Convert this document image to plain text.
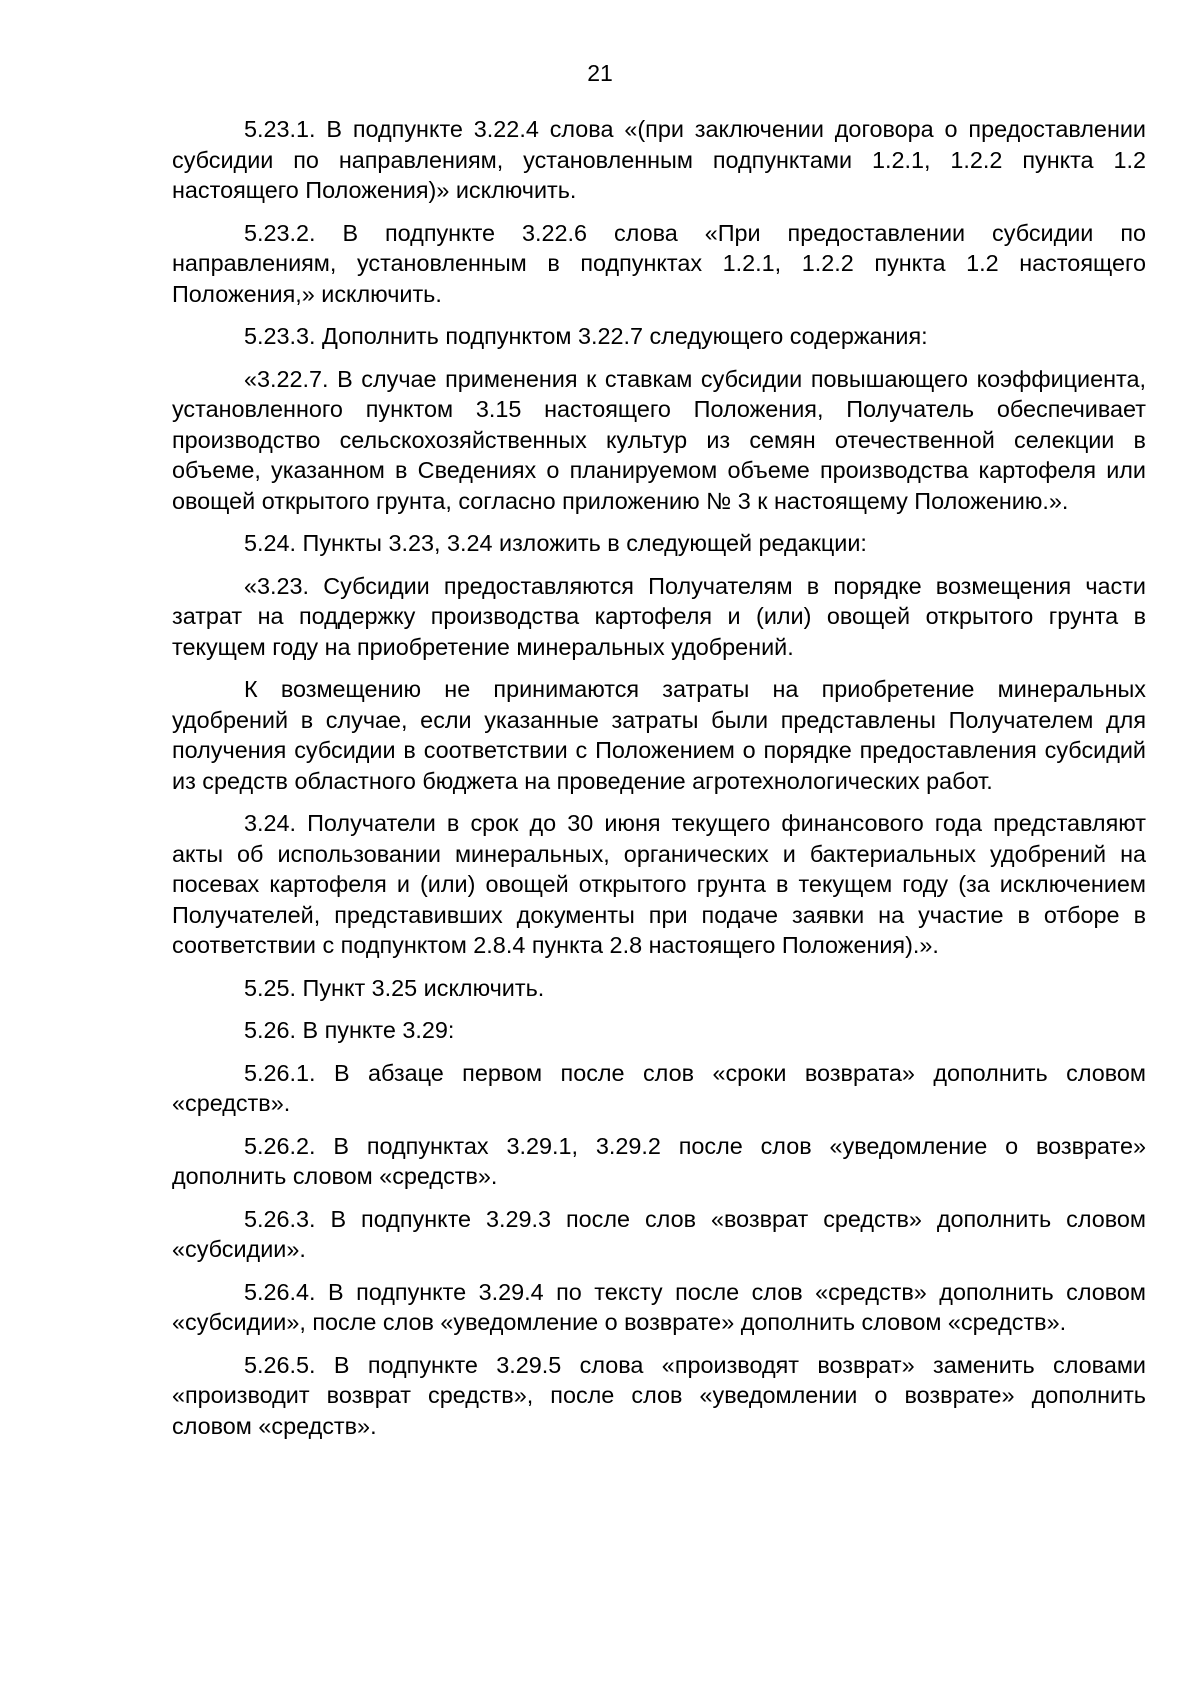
21

5.23.1. В подпункте 3.22.4 слова «(при заключении договора о предоставлении субсидии по направлениям, установленным подпунктами 1.2.1, 1.2.2 пункта 1.2 настоящего Положения)» исключить.

5.23.2. В подпункте 3.22.6 слова «При предоставлении субсидии по направлениям, установленным в подпунктах 1.2.1, 1.2.2 пункта 1.2 настоящего Положения,» исключить.

5.23.3. Дополнить подпунктом 3.22.7 следующего содержания:

«3.22.7. В случае применения к ставкам субсидии повышающего коэффициента, установленного пунктом 3.15 настоящего Положения, Получатель обеспечивает производство сельскохозяйственных культур из семян отечественной селекции в объеме, указанном в Сведениях о планируемом объеме производства картофеля или овощей открытого грунта, согласно приложению № 3 к настоящему Положению.».

5.24. Пункты 3.23, 3.24 изложить в следующей редакции:

«3.23. Субсидии предоставляются Получателям в порядке возмещения части затрат на поддержку производства картофеля и (или) овощей открытого грунта в текущем году на приобретение минеральных удобрений.

К возмещению не принимаются затраты на приобретение минеральных удобрений в случае, если указанные затраты были представлены Получателем для получения субсидии в соответствии с Положением о порядке предоставления субсидий из средств областного бюджета на проведение агротехнологических работ.

3.24. Получатели в срок до 30 июня текущего финансового года представляют акты об использовании минеральных, органических и бактериальных удобрений на посевах картофеля и (или) овощей открытого грунта в текущем году (за исключением Получателей, представивших документы при подаче заявки на участие в отборе в соответствии с подпунктом 2.8.4 пункта 2.8 настоящего Положения).».

5.25. Пункт 3.25 исключить.

5.26. В пункте 3.29:

5.26.1. В абзаце первом после слов «сроки возврата» дополнить словом «средств».

5.26.2. В подпунктах 3.29.1, 3.29.2 после слов «уведомление о возврате» дополнить словом «средств».

5.26.3. В подпункте 3.29.3 после слов «возврат средств» дополнить словом «субсидии».

5.26.4. В подпункте 3.29.4 по тексту после слов «средств» дополнить словом «субсидии», после слов «уведомление о возврате» дополнить словом «средств».

5.26.5. В подпункте 3.29.5 слова «производят возврат» заменить словами «производит возврат средств», после слов «уведомлении о возврате» дополнить словом «средств».
